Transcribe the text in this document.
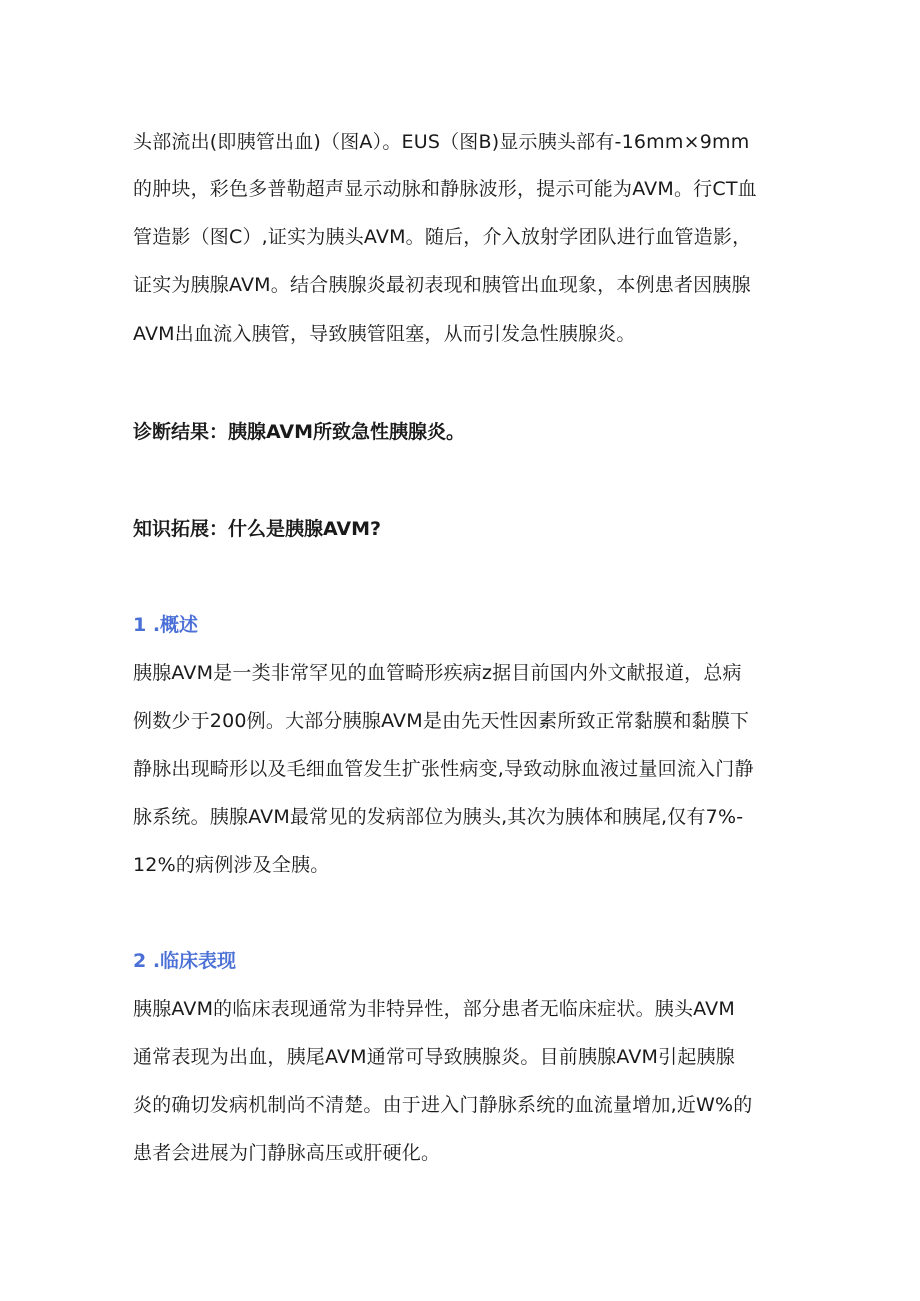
头部流出(即胰管出血)（图A）。EUS（图B)显示胰头部有-16mm×9mm
的肿块，彩色多普勒超声显示动脉和静脉波形，提示可能为AVM。行CT血
管造影（图C）,证实为胰头AVM。随后，介入放射学团队进行血管造影，
证实为胰腺AVM。结合胰腺炎最初表现和胰管出血现象，本例患者因胰腺
AVM出血流入胰管，导致胰管阻塞，从而引发急性胰腺炎。
诊断结果：胰腺AVM所致急性胰腺炎。
知识拓展：什么是胰腺AVM?
1 .概述
胰腺AVM是一类非常罕见的血管畸形疾病z据目前国内外文献报道，总病
例数少于200例。大部分胰腺AVM是由先天性因素所致正常黏膜和黏膜下
静脉出现畸形以及毛细血管发生扩张性病变,导致动脉血液过量回流入门静
脉系统。胰腺AVM最常见的发病部位为胰头,其次为胰体和胰尾,仅有7%-
12%的病例涉及全胰。
2 .临床表现
胰腺AVM的临床表现通常为非特异性，部分患者无临床症状。胰头AVM
通常表现为出血，胰尾AVM通常可导致胰腺炎。目前胰腺AVM引起胰腺
炎的确切发病机制尚不清楚。由于进入门静脉系统的血流量增加,近W%的
患者会进展为门静脉高压或肝硬化。
